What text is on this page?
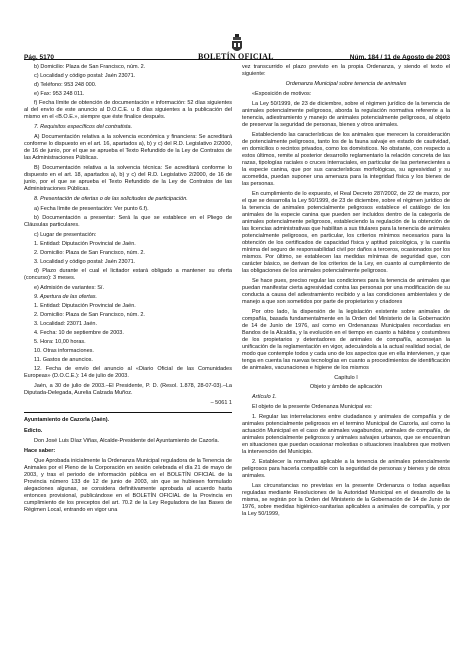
Pág. 5170	BOLETÍN OFICIAL	Núm. 184 / 11 de Agosto de 2003

b) Domicilio: Plaza de San Francisco, núm. 2.

c) Localidad y código postal: Jaén 23071.

d) Teléfono: 953 248 000.

e) Fax: 953 248 011.

f) Fecha límite de obtención de documentación e información: 52 días siguientes al del envío de este anuncio al D.O.C.E. u 8 días siguientes a la publicación del mismo en el «B.O.E.», siempre que éste finalice después.

7. Requisitos específicos del contratista.

A) Documentación relativa a la solvencia económica y financiera: Se acreditará conforme lo dispuesto en el art. 16, apartados a), b) y c) del R.D. Legislativo 2/2000, de 16 de junio, por el que se aprueba el Texto Refundido de la Ley de Contratos de las Administraciones Públicas.

B) Documentación relativa a la solvencia técnica: Se acreditará conforme lo dispuesto en el art. 18, apartados a), b) y c) del R.D. Legislativo 2/2000, de 16 de junio, por el que se aprueba el Texto Refundido de la Ley de Contratos de las Administraciones Públicas.

8. Presentación de ofertas o de las solicitudes de participación.

a) Fecha límite de presentación: Ver punto 6.f).

b) Documentación a presentar: Será la que se establece en el Pliego de Cláusulas particulares.

c) Lugar de presentación:

1. Entidad: Diputación Provincial de Jaén.

2. Domicilio: Plaza de San Francisco, núm. 2.

3. Localidad y código postal: Jaén 23071.

d) Plazo durante el cual el licitador estará obligado a mantener su oferta (concurso): 3 meses.

e) Admisión de variantes: Sí.

9. Apertura de las ofertas.

1. Entidad: Diputación Provincial de Jaén.

2. Domicilio: Plaza de San Francisco, núm. 2.

3. Localidad: 23071 Jaén.

4. Fecha: 10 de septiembre de 2003.

5. Hora: 10,00 horas.

10. Otras informaciones.

11. Gastos de anuncios.

12. Fecha de envío del anuncio al «Diario Oficial de las Comunidades Europeas» (D.O.C.E.): 14 de julio de 2003.

Jaén, a 30 de julio de 2003.–El Presidente, P. D. (Resol. 1.878, 28-07-03).–La Diputada-Delegada, Aurelia Calzada Muñoz.

– 5061 1

Ayuntamiento de Cazorla (Jaén).

Edicto.

Don José Luis Díaz Viñas, Alcalde-Presidente del Ayuntamiento de Cazorla.

Hace saber:

Que Aprobada inicialmente la Ordenanza Municipal reguladora de la Tenencia de Animales por el Pleno de la Corporación en sesión celebrada el día 21 de mayo de 2003, y tras el periodo de información pública en el BOLETÍN OFICIAL de la Provincia número 133 de 12 de junio de 2003, sin que se hubiesen formulado alegaciones algunas, se considera definitivamente aprobada al acuerdo hasta entonces provisional, publicándose en el BOLETÍN OFICIAL de la Provincia en cumplimiento de los preceptos del art. 70.2 de la Ley Reguladora de las Bases de Régimen Local, entrando en vigor una

vez transcurrido el plazo previsto en la propia Ordenanza, y siendo el texto el siguiente:

Ordenanza Municipal sobre tenencia de animales

«Exposición de motivos:

La Ley 50/1999, de 23 de diciembre, sobre el régimen jurídico de la tenencia de animales potencialmente peligrosos, aborda la regulación normativa referente a la tenencia, adiestramiento y manejo de animales potencialmente peligrosos, al objeto de preservar la seguridad de personas, bienes y otros animales.

Estableciendo las características de los animales que merecen la consideración de potencialmente peligrosos, tanto los de la fauna salvaje en estado de cautividad, en domicilios o recintos privados, como los domésticos. No obstante, con respecto a estos últimos, remite al posterior desarrollo reglamentario la relación concreta de las razas, tipologías raciales o cruces interraciales, en particular de las pertenecientes a la especie canina, que por sus características morfológicas, su agresividad y su acometida, puedan suponer una amenaza para la integridad física y los bienes de las personas.

En cumplimiento de lo expuesto, el Real Decreto 287/2002, de 22 de marzo, por el que se desarrolla la Ley 50/1999, de 23 de diciembre, sobre el régimen jurídico de la tenencia de animales potencialmente peligrosos establece el catálogo de los animales de la especie canina que pueden ser incluidos dentro de la categoría de animales potencialmente peligrosos, estableciendo la regulación de la obtención de las licencias administrativas que habilitan a sus titulares para la tenencia de animales potencialmente peligrosos, en particular, los criterios mínimos necesarios para la obtención de los certificados de capacidad física y aptitud psicológica, y la cuantía mínima del seguro de responsabilidad civil por daños a terceros, ocasionados por los mismos. Por último, se establecen las medidas mínimas de seguridad que, con carácter básico, se derivan de los criterios de la Ley, en cuanto al cumplimiento de las obligaciones de los animales potencialmente peligrosos.

Se hace pues, preciso regular las condiciones para la tenencia de animales que puedan manifestar cierta agresividad contra las personas por una modificación de su conducta a causa del adiestramiento recibido y a las condiciones ambientales y de manejo a que son sometidos por parte de propietarios y criadores

Por otro lado, la dispersión de la legislación existente sobre animales de compañía, basada fundamentalmente en la Orden del Ministerio de la Gobernación de 14 de Junio de 1976, así como en Ordenanzas Municipales recordadas en Bandos de la Alcaldía, y la evolución en el tiempo en cuanto a hábitos y costumbres de los propietarios y detentadores de animales de compañía, aconsejan la unificación de la reglamentación en vigor, adecuándola a la actual realidad social, de modo que contemple todos y cada uno de los aspectos que en ella intervienen, y que tenga en cuenta las nuevas tecnologías en cuanto a procedimientos de identificación de animales, vacunaciones e higiene de los mismos

Capítulo I

Objeto y ámbito de aplicación

Artículo 1.

El objeto de la presente Ordenanza Municipal es:

1. Regular las interrelaciones entre ciudadanos y animales de compañía y de animales potencialmente peligrosos en el termino Municipal de Cazorla, así como la actuación Municipal en el caso de animales vagabundos, animales de compañía, de animales potencialmente peligrosos y animales salvajes urbanos, que se encuentran en situaciones que puedan ocasionar molestias o situaciones insalubres que motiven la intervención del Municipio.

2. Establecer la normativa aplicable a la tenencia de animales potencialmente peligrosos para hacerla compatible con la seguridad de personas y bienes y de otros animales.

Las circunstancias no previstas en la presente Ordenanza o todas aquellas reguladas mediante Resoluciones de la Autoridad Municipal en el desarrollo de la misma, se regirán por la Orden del Ministerio de la Gobernación de 14 de Junio de 1976, sobre medidas higiénico-sanitarias aplicables a animales de compañía, y por la Ley 50/1999,
